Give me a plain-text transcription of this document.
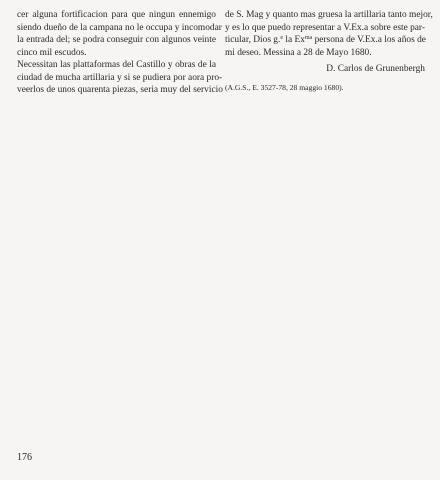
cer alguna fortificacion para que ningun ennemigo
siendo dueño de la campana no le occupa y incomodar
la entrada del; se podra conseguir con algunos veinte
cinco mil escudos.
Necessitan las plattaformas del Castillo y obras de la
ciudad de mucha artillaria y si se pudiera por aora pro-
veerlos de unos quarenta piezas, seria muy del servicio
de S. Mag y quanto mas gruesa la artillaria tanto mejor,
y es lo que puedo representar a V.Ex.a sobre este par-
ticular, Dios g.$^e$ la $Ex^{ma}$ persona de V.Ex.a los años de
mi deseo. Messina a 28 de Mayo 1680.
D. Carlos de Grunenbergh
(A.G.S., E. 3527-78, 28 maggio 1680).
176
